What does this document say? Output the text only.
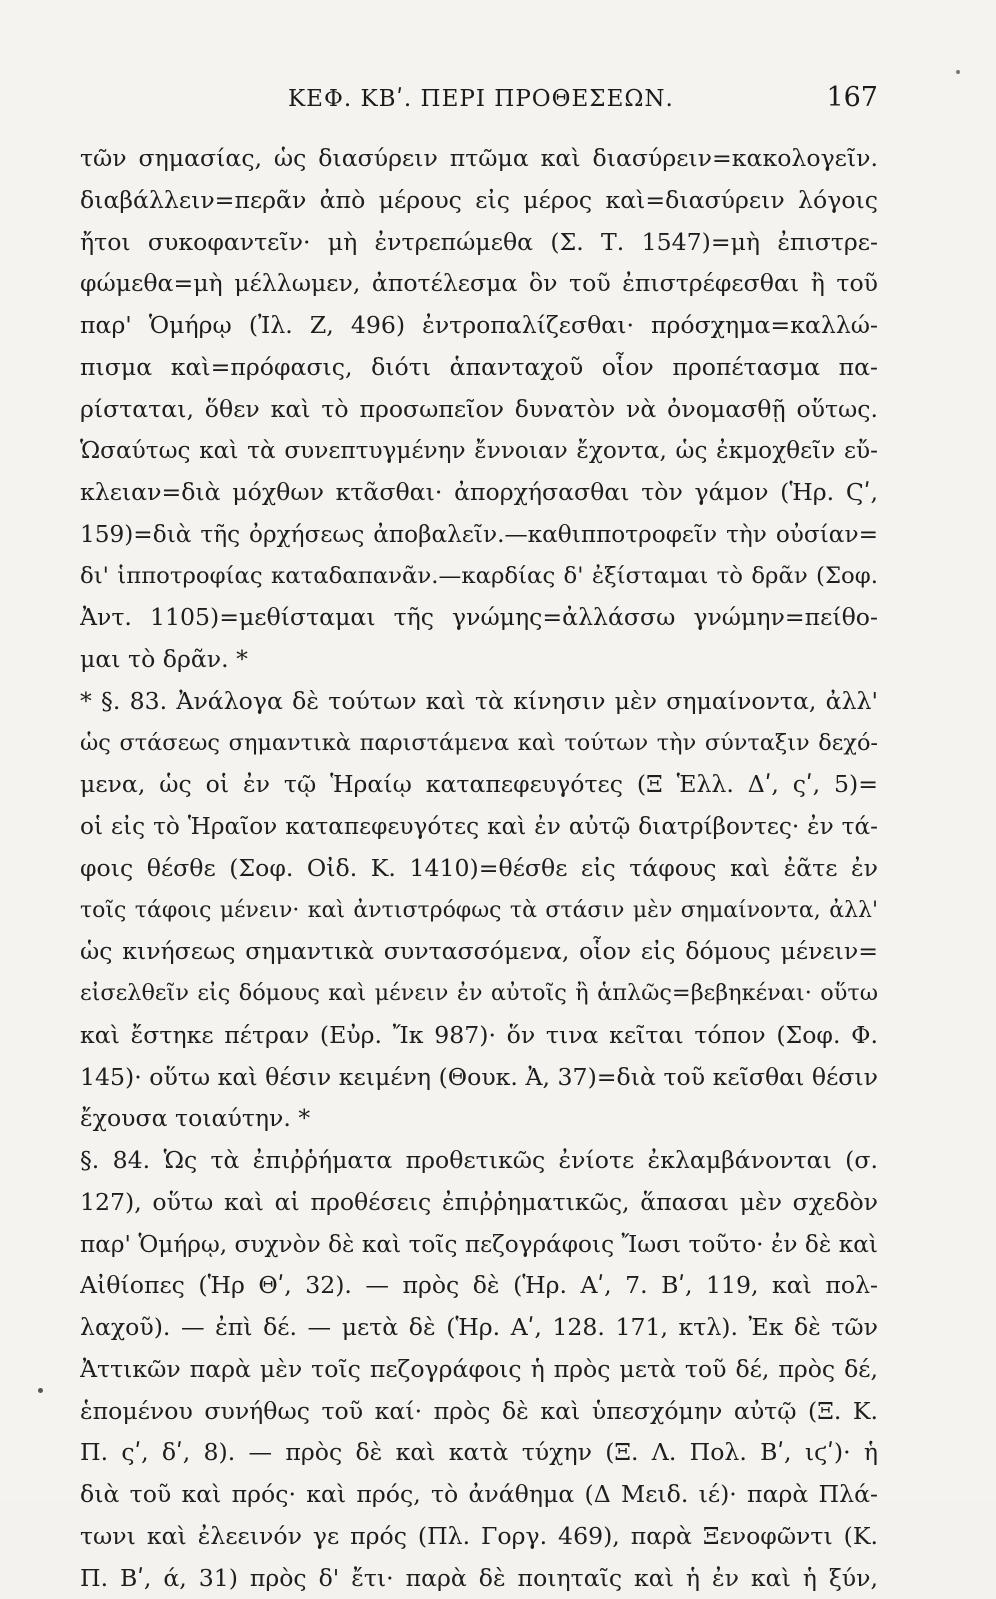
ΚΕΦ. ΚΒʹ. ΠΕΡΙ ΠΡΟΘΕΣΕΩΝ.	167
τῶν σημασίας, ὡς διασύρειν πτῶμα καὶ διασύρειν=κακολογεῖν.
διαβάλλειν=περᾶν ἀπὸ μέρους εἰς μέρος καὶ=διασύρειν λόγοις
ἤτοι συκοφαντεῖν· μὴ ἐντρεπώμεθα (Σ. Τ. 1547)=μὴ ἐπιστρε-
φώμεθα=μὴ μέλλωμεν, ἀποτέλεσμα ὃν τοῦ ἐπιστρέφεσθαι ἢ τοῦ
παρ' Ὁμήρῳ (Ἰλ. Ζ, 496) ἐντροπαλίζεσθαι· πρόσχημα=καλλώ-
πισμα καὶ=πρόφασις, διότι ἁπανταχοῦ οἷον προπέτασμα πα-
ρίσταται, ὅθεν καὶ τὸ προσωπεῖον δυνατὸν νὰ ὀνομασθῇ οὕτως.
Ὡσαύτως καὶ τὰ συνεπτυγμένην ἔννοιαν ἔχοντα, ὡς ἐκμοχθεῖν εὔ-
κλειαν=διὰ μόχθων κτᾶσθαι· ἀπορχήσασθαι τὸν γάμον (Ἡρ. Ϛʹ,
159)=διὰ τῆς ὀρχήσεως ἀποβαλεῖν.—καθιπποτροφεῖν τὴν οὐσίαν=
δι' ἱπποτροφίας καταδαπανᾶν.—καρδίας δ' ἐξίσταμαι τὸ δρᾶν (Σοφ.
Ἀντ. 1105)=μεθίσταμαι τῆς γνώμης=ἀλλάσσω γνώμην=πείθο-
μαι τὸ δρᾶν. *
* §. 83. Ἀνάλογα δὲ τούτων καὶ τὰ κίνησιν μὲν σημαίνοντα, ἀλλ'
ὡς στάσεως σημαντικὰ παριστάμενα καὶ τούτων τὴν σύνταξιν δεχό-
μενα, ὡς οἱ ἐν τῷ Ἡραίῳ καταπεφευγότες (Ξ Ἑλλ. Δʹ, ςʹ, 5)=
οἱ εἰς τὸ Ἡραῖον καταπεφευγότες καὶ ἐν αὐτῷ διατρίβοντες· ἐν τά-
φοις θέσθε (Σοφ. Οἰδ. Κ. 1410)=θέσθε εἰς τάφους καὶ ἐᾶτε ἐν
τοῖς τάφοις μένειν· καὶ ἀντιστρόφως τὰ στάσιν μὲν σημαίνοντα, ἀλλ'
ὡς κινήσεως σημαντικὰ συντασσόμενα, οἷον εἰς δόμους μένειν=
εἰσελθεῖν εἰς δόμους καὶ μένειν ἐν αὐτοῖς ἢ ἁπλῶς=βεβηκέναι· οὕτω
καὶ ἔστηκε πέτραν (Εὐρ. Ἴκ 987)· ὅν τινα κεῖται τόπον (Σοφ. Φ.
145)· οὕτω καὶ θέσιν κειμένη (Θουκ. Ἀ, 37)=διὰ τοῦ κεῖσθαι θέσιν
ἔχουσα τοιαύτην. *
§. 84. Ὡς τὰ ἐπιῤῥήματα προθετικῶς ἐνίοτε ἐκλαμβάνονται (σ.
127), οὕτω καὶ αἱ προθέσεις ἐπιῤῥηματικῶς, ἅπασαι μὲν σχεδὸν
παρ' Ὁμήρῳ, συχνὸν δὲ καὶ τοῖς πεζογράφοις Ἴωσι τοῦτο· ἐν δὲ καὶ
Αἰθίοπες (Ἡρ Θʹ, 32). — πρὸς δὲ (Ἡρ. Αʹ, 7. Βʹ, 119, καὶ πολ-
λαχοῦ). — ἐπὶ δέ. — μετὰ δὲ (Ἡρ. Αʹ, 128. 171, κτλ). Ἐκ δὲ τῶν
Ἀττικῶν παρὰ μὲν τοῖς πεζογράφοις ἡ πρὸς μετὰ τοῦ δέ, πρὸς δέ,
ἑπομένου συνήθως τοῦ καί· πρὸς δὲ καὶ ὑπεσχόμην αὐτῷ (Ξ. Κ.
Π. ςʹ, δʹ, 8). — πρὸς δὲ καὶ κατὰ τύχην (Ξ. Λ. Πολ. Βʹ, ιϛʹ)· ἡ
διὰ τοῦ καὶ πρός· καὶ πρός, τὸ ἀνάθημα (Δ Μειδ. ιέ)· παρὰ Πλά-
τωνι καὶ ἐλεεινόν γε πρός (Πλ. Γοργ. 469), παρὰ Ξενοφῶντι (Κ.
Π. Βʹ, ά, 31) πρὸς δ' ἔτι· παρὰ δὲ ποιηταῖς καὶ ἡ ἐν καὶ ἡ ξύν,
